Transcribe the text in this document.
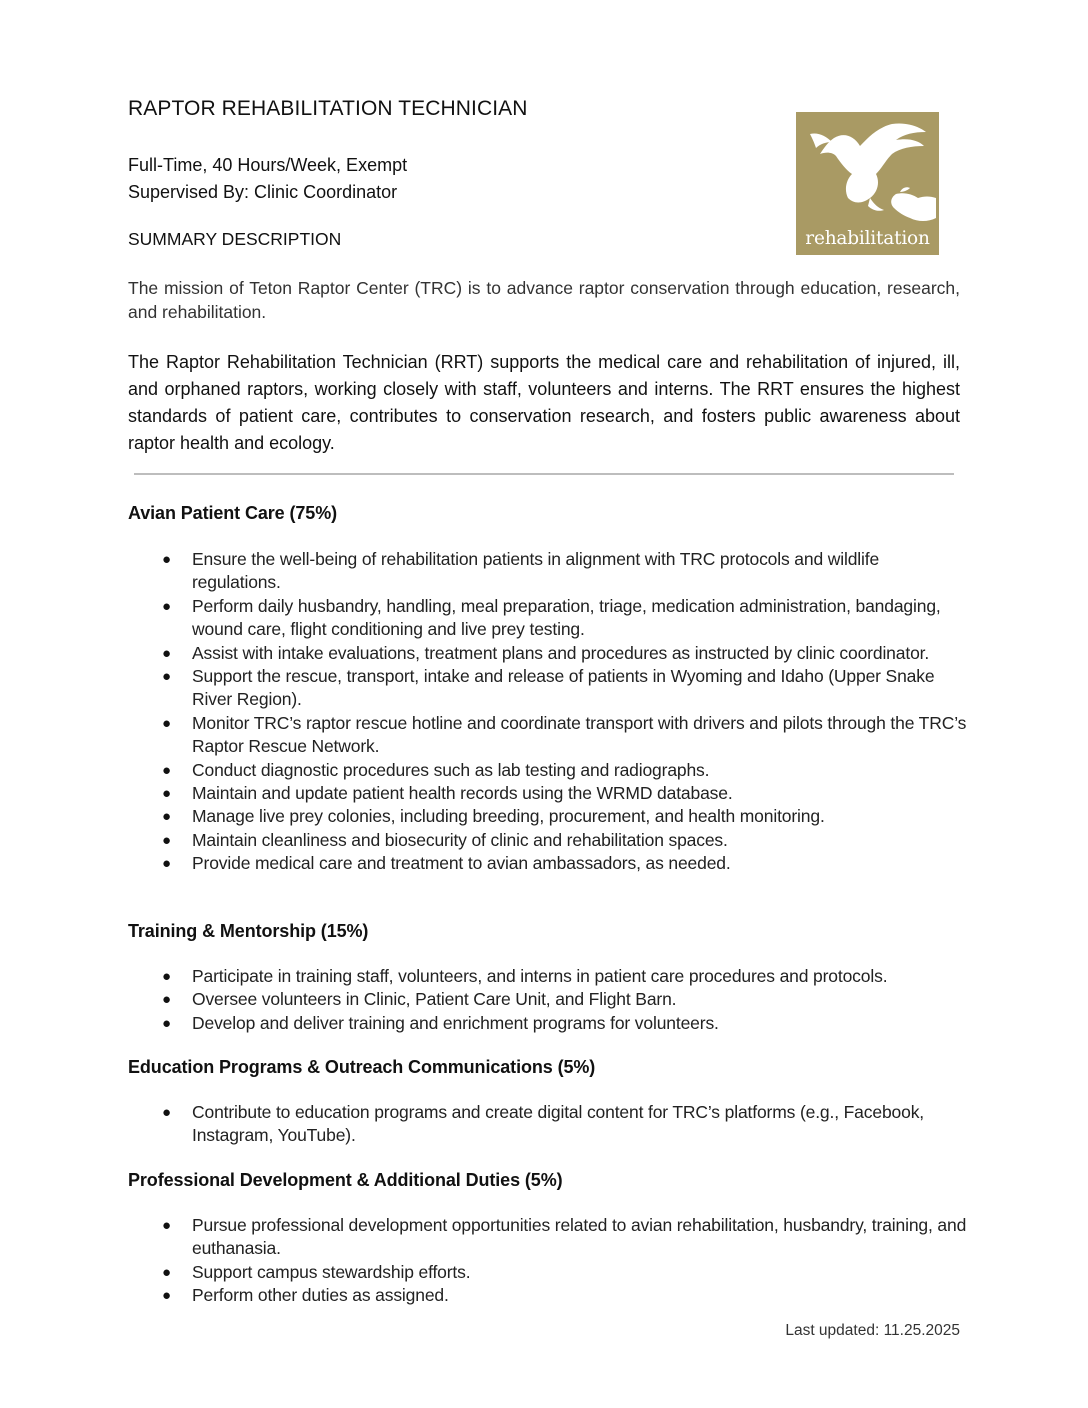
RAPTOR REHABILITATION TECHNICIAN
Full-Time, 40 Hours/Week, Exempt
Supervised By: Clinic Coordinator
SUMMARY DESCRIPTION	rehabilitation
The mission of Teton Raptor Center (TRC) is to advance raptor conservation through education, research, and rehabilitation.
The Raptor Rehabilitation Technician (RRT) supports the medical care and rehabilitation of injured, ill, and orphaned raptors, working closely with staff, volunteers and interns. The RRT ensures the highest standards of patient care, contributes to conservation research, and fosters public awareness about raptor health and ecology.
Avian Patient Care (75%)
● Ensure the well-being of rehabilitation patients in alignment with TRC protocols and wildlife regulations.
● Perform daily husbandry, handling, meal preparation, triage, medication administration, bandaging, wound care, flight conditioning and live prey testing.
● Assist with intake evaluations, treatment plans and procedures as instructed by clinic coordinator.
● Support the rescue, transport, intake and release of patients in Wyoming and Idaho (Upper Snake River Region).
● Monitor TRC’s raptor rescue hotline and coordinate transport with drivers and pilots through the TRC’s Raptor Rescue Network.
● Conduct diagnostic procedures such as lab testing and radiographs.
● Maintain and update patient health records using the WRMD database.
● Manage live prey colonies, including breeding, procurement, and health monitoring.
● Maintain cleanliness and biosecurity of clinic and rehabilitation spaces.
● Provide medical care and treatment to avian ambassadors, as needed.
Training & Mentorship (15%)
● Participate in training staff, volunteers, and interns in patient care procedures and protocols.
● Oversee volunteers in Clinic, Patient Care Unit, and Flight Barn.
● Develop and deliver training and enrichment programs for volunteers.
Education Programs & Outreach Communications (5%)
● Contribute to education programs and create digital content for TRC’s platforms (e.g., Facebook, Instagram, YouTube).
Professional Development & Additional Duties (5%)
● Pursue professional development opportunities related to avian rehabilitation, husbandry, training, and euthanasia.
● Support campus stewardship efforts.
● Perform other duties as assigned.
Last updated: 11.25.2025
